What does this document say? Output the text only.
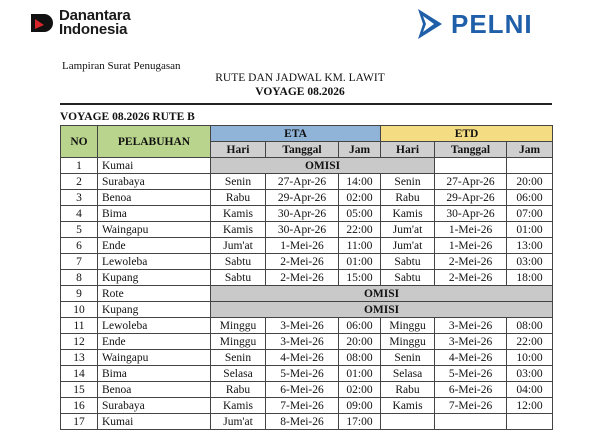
Danantara
Indonesia	PELNI
Lampiran Surat Penugasan
RUTE DAN JADWAL KM. LAWIT
VOYAGE 08.2026
VOYAGE 08.2026 RUTE B
NO	PELABUHAN	ETA			ETD		
		Hari	Tanggal	Jam	Hari	Tanggal	Jam
1	Kumai	OMISI					
2	Surabaya	Senin	27-Apr-26	14:00	Senin	27-Apr-26	20:00
3	Benoa	Rabu	29-Apr-26	02:00	Rabu	29-Apr-26	06:00
4	Bima	Kamis	30-Apr-26	05:00	Kamis	30-Apr-26	07:00
5	Waingapu	Kamis	30-Apr-26	22:00	Jum'at	1-Mei-26	01:00
6	Ende	Jum'at	1-Mei-26	11:00	Jum'at	1-Mei-26	13:00
7	Lewoleba	Sabtu	2-Mei-26	01:00	Sabtu	2-Mei-26	03:00
8	Kupang	Sabtu	2-Mei-26	15:00	Sabtu	2-Mei-26	18:00
9	Rote	OMISI					
10	Kupang	OMISI					
11	Lewoleba	Minggu	3-Mei-26	06:00	Minggu	3-Mei-26	08:00
12	Ende	Minggu	3-Mei-26	20:00	Minggu	3-Mei-26	22:00
13	Waingapu	Senin	4-Mei-26	08:00	Senin	4-Mei-26	10:00
14	Bima	Selasa	5-Mei-26	01:00	Selasa	5-Mei-26	03:00
15	Benoa	Rabu	6-Mei-26	02:00	Rabu	6-Mei-26	04:00
16	Surabaya	Kamis	7-Mei-26	09:00	Kamis	7-Mei-26	12:00
17	Kumai	Jum'at	8-Mei-26	17:00			
